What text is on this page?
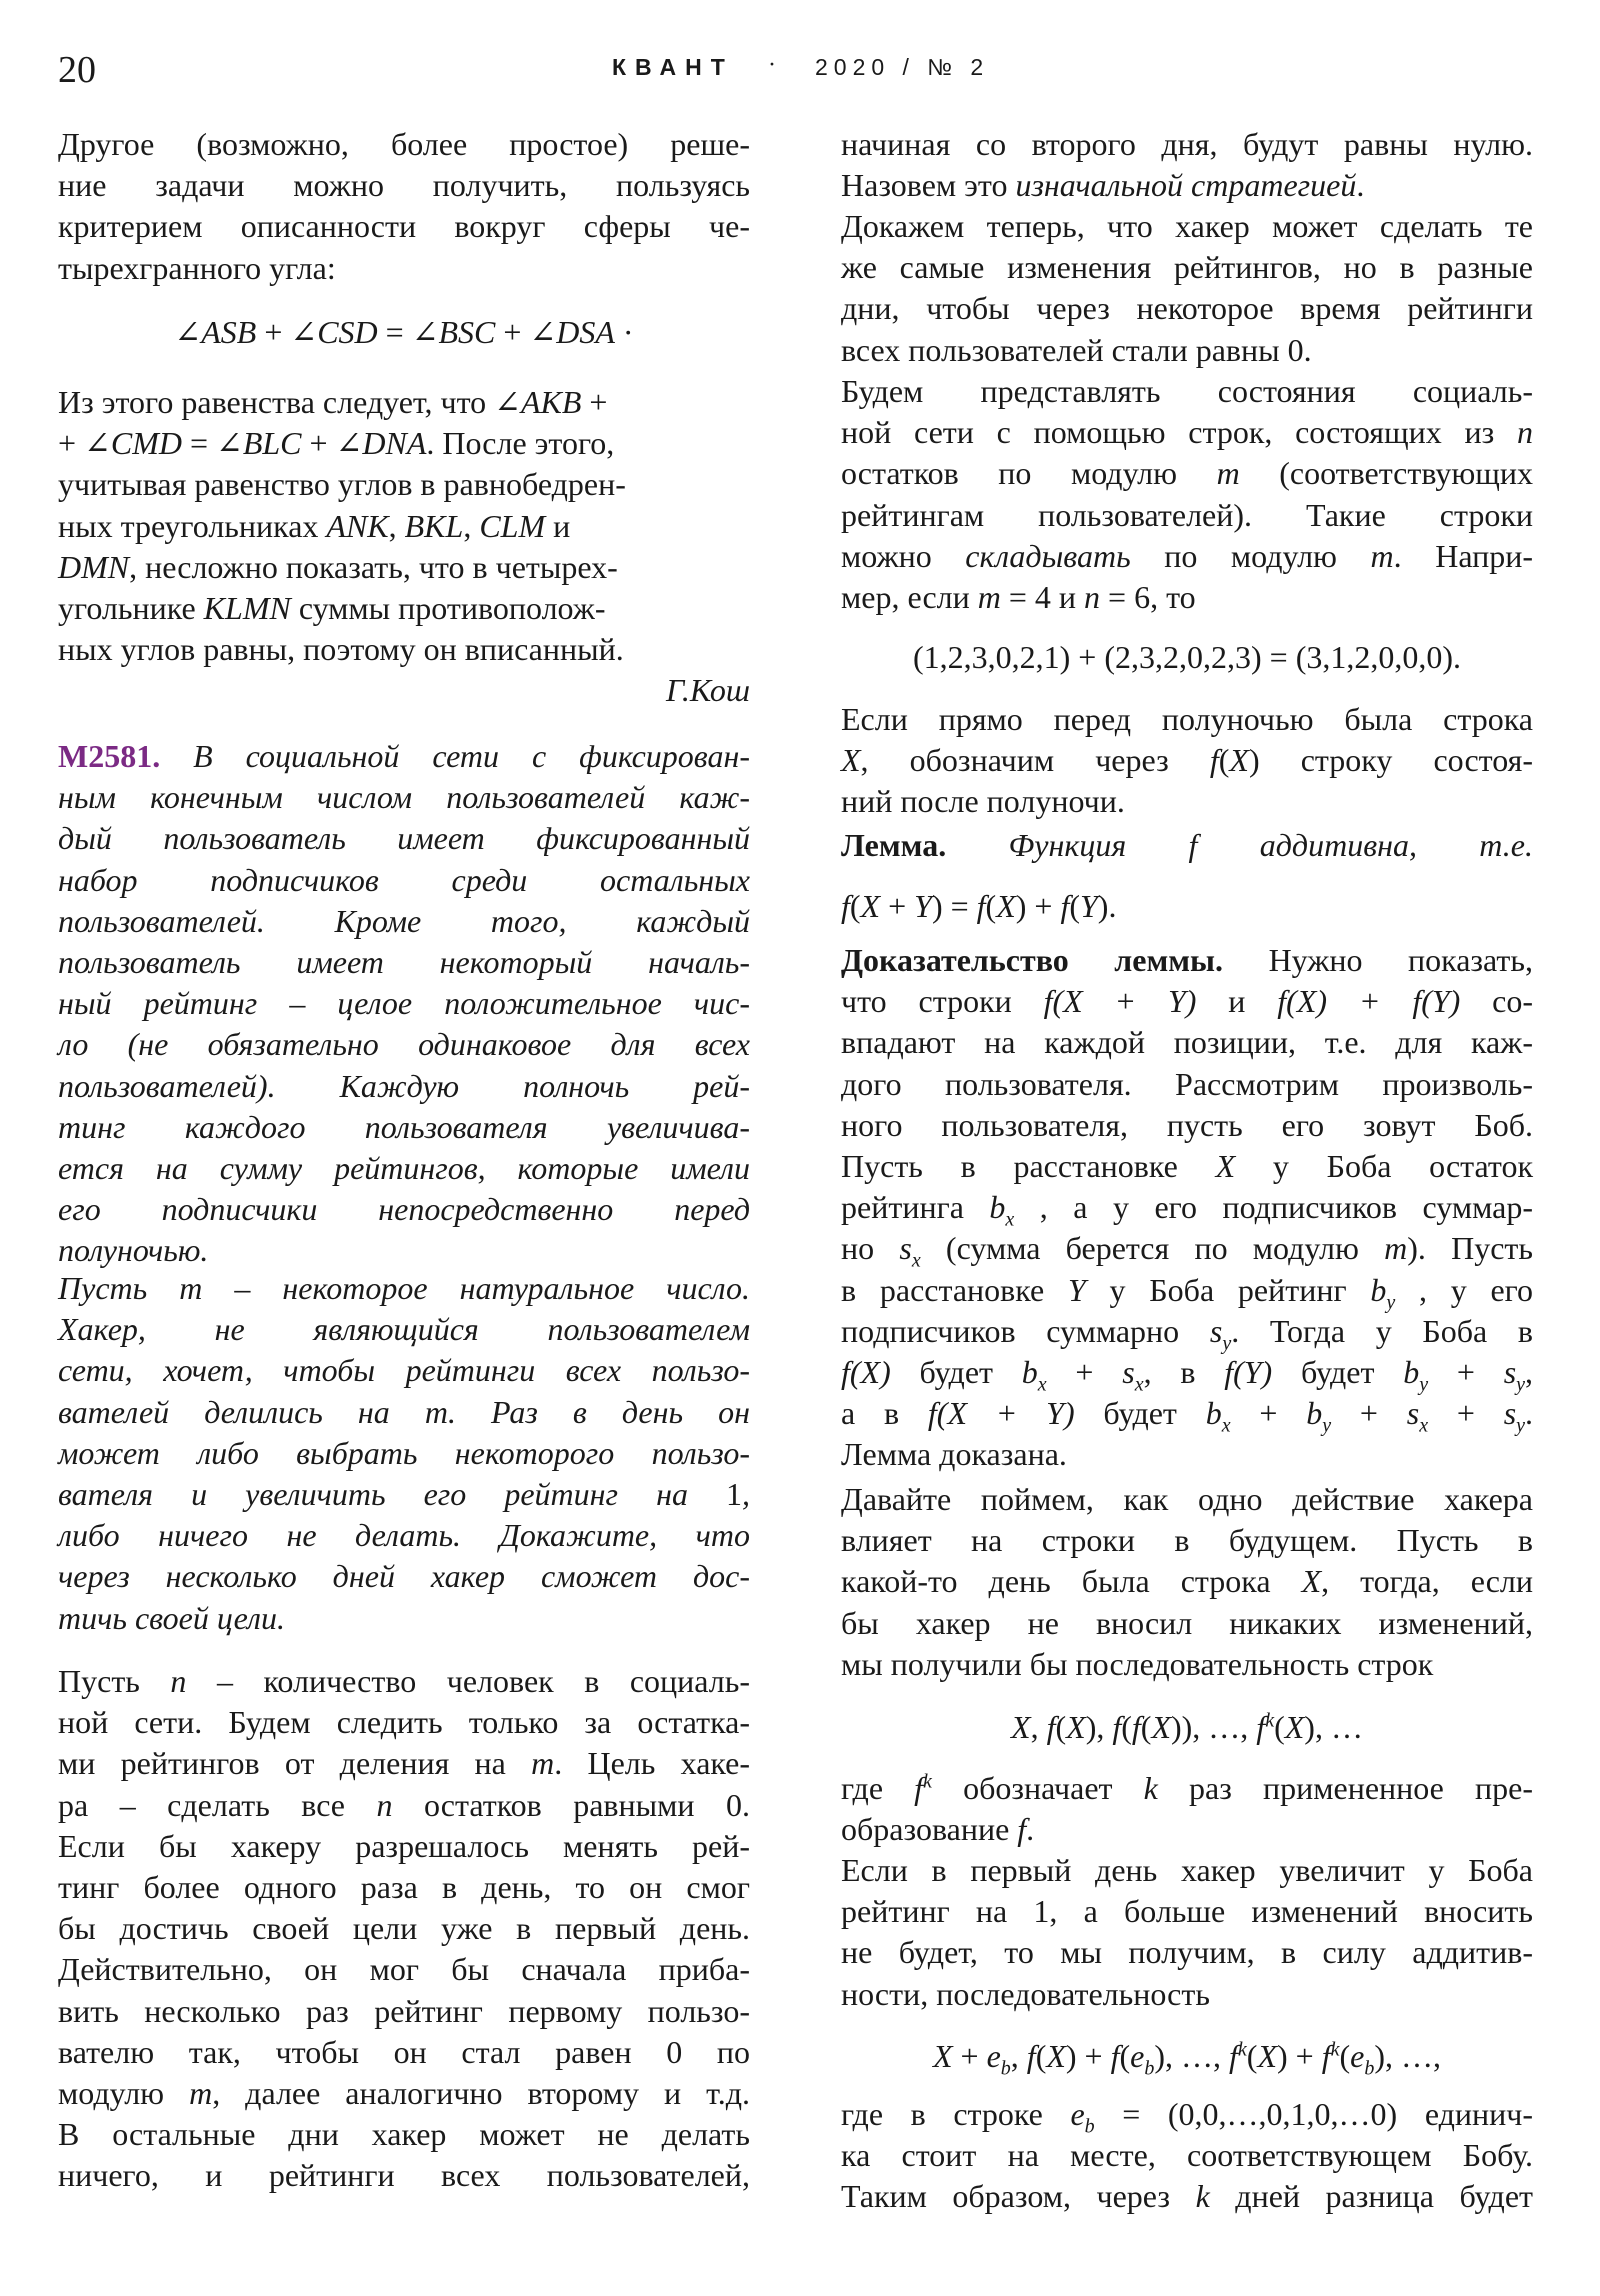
20	КВАНТ · 2020 / № 2
Другое (возможно, более простое) реше-
ние задачи можно получить, пользуясь
критерием описанности вокруг сферы че-
тырехгранного угла:
∠ASB + ∠CSD = ∠BSC + ∠DSA ·
Из этого равенства следует, что ∠AKB +
+ ∠CMD = ∠BLC + ∠DNA. После этого,
учитывая равенство углов в равнобедрен-
ных треугольниках ANK, BKL, CLM и
DMN, несложно показать, что в четырех-
угольнике KLMN суммы противополож-
ных углов равны, поэтому он вписанный.
Г.Кош
M2581. В социальной сети с фиксирован-
ным конечным числом пользователей каж-
дый пользователь имеет фиксированный
набор подписчиков среди остальных
пользователей. Кроме того, каждый
пользователь имеет некоторый началь-
ный рейтинг – целое положительное чис-
ло (не обязательно одинаковое для всех
пользователей). Каждую полночь рей-
тинг каждого пользователя увеличива-
ется на сумму рейтингов, которые имели
его подписчики непосредственно перед
полуночью.
Пусть m – некоторое натуральное число.
Хакер, не являющийся пользователем
сети, хочет, чтобы рейтинги всех пользо-
вателей делились на m. Раз в день он
может либо выбрать некоторого пользо-
вателя и увеличить его рейтинг на 1,
либо ничего не делать. Докажите, что
через несколько дней хакер сможет дос-
тичь своей цели.
Пусть n – количество человек в социаль-
ной сети. Будем следить только за остатка-
ми рейтингов от деления на m. Цель хаке-
ра – сделать все n остатков равными 0.
Если бы хакеру разрешалось менять рей-
тинг более одного раза в день, то он смог
бы достичь своей цели уже в первый день.
Действительно, он мог бы сначала приба-
вить несколько раз рейтинг первому пользо-
вателю так, чтобы он стал равен 0 по
модулю m, далее аналогично второму и т.д.
В остальные дни хакер может не делать
ничего, и рейтинги всех пользователей,
начиная со второго дня, будут равны нулю.
Назовем это изначальной стратегией.
Докажем теперь, что хакер может сделать те
же самые изменения рейтингов, но в разные
дни, чтобы через некоторое время рейтинги
всех пользователей стали равны 0.
Будем представлять состояния социаль-
ной сети с помощью строк, состоящих из n
остатков по модулю m (соответствующих
рейтингам пользователей). Такие строки
можно складывать по модулю m. Напри-
мер, если m = 4 и n = 6, то
(1,2,3,0,2,1) + (2,3,2,0,2,3) = (3,1,2,0,0,0).
Если прямо перед полуночью была строка
X, обозначим через f(X) строку состоя-
ний после полуночи.
Лемма. Функция f аддитивна, т.е.
f(X + Y) = f(X) + f(Y).
Доказательство леммы. Нужно показать,
что строки f(X + Y) и f(X) + f(Y) со-
впадают на каждой позиции, т.е. для каж-
дого пользователя. Рассмотрим произволь-
ного пользователя, пусть его зовут Боб.
Пусть в расстановке X у Боба остаток
рейтинга $b_x$ , а у его подписчиков суммар-
но $s_x$ (сумма берется по модулю m). Пусть
в расстановке Y у Боба рейтинг $b_y$ , у его
подписчиков суммарно $s_y$. Тогда у Боба в
f(X) будет $b_x + s_x$, в f(Y) будет $b_y + s_y$,
а в f(X + Y) будет $b_x + b_y + s_x + s_y$.
Лемма доказана.
Давайте поймем, как одно действие хакера
влияет на строки в будущем. Пусть в
какой-то день была строка X, тогда, если
бы хакер не вносил никаких изменений,
мы получили бы последовательность строк
X, f(X), f(f(X)), …, $f^k(X)$, …
где $f^k$ обозначает k раз примененное пре-
образование f.
Если в первый день хакер увеличит у Боба
рейтинг на 1, а больше изменений вносить
не будет, то мы получим, в силу аддитив-
ности, последовательность
$X + e_b$, $f(X) + f(e_b)$, …, $f^k(X) + f^k(e_b)$, …,
где в строке $e_b$ = (0,0,…,0,1,0,…0) единич-
ка стоит на месте, соответствующем Бобу.
Таким образом, через k дней разница будет
